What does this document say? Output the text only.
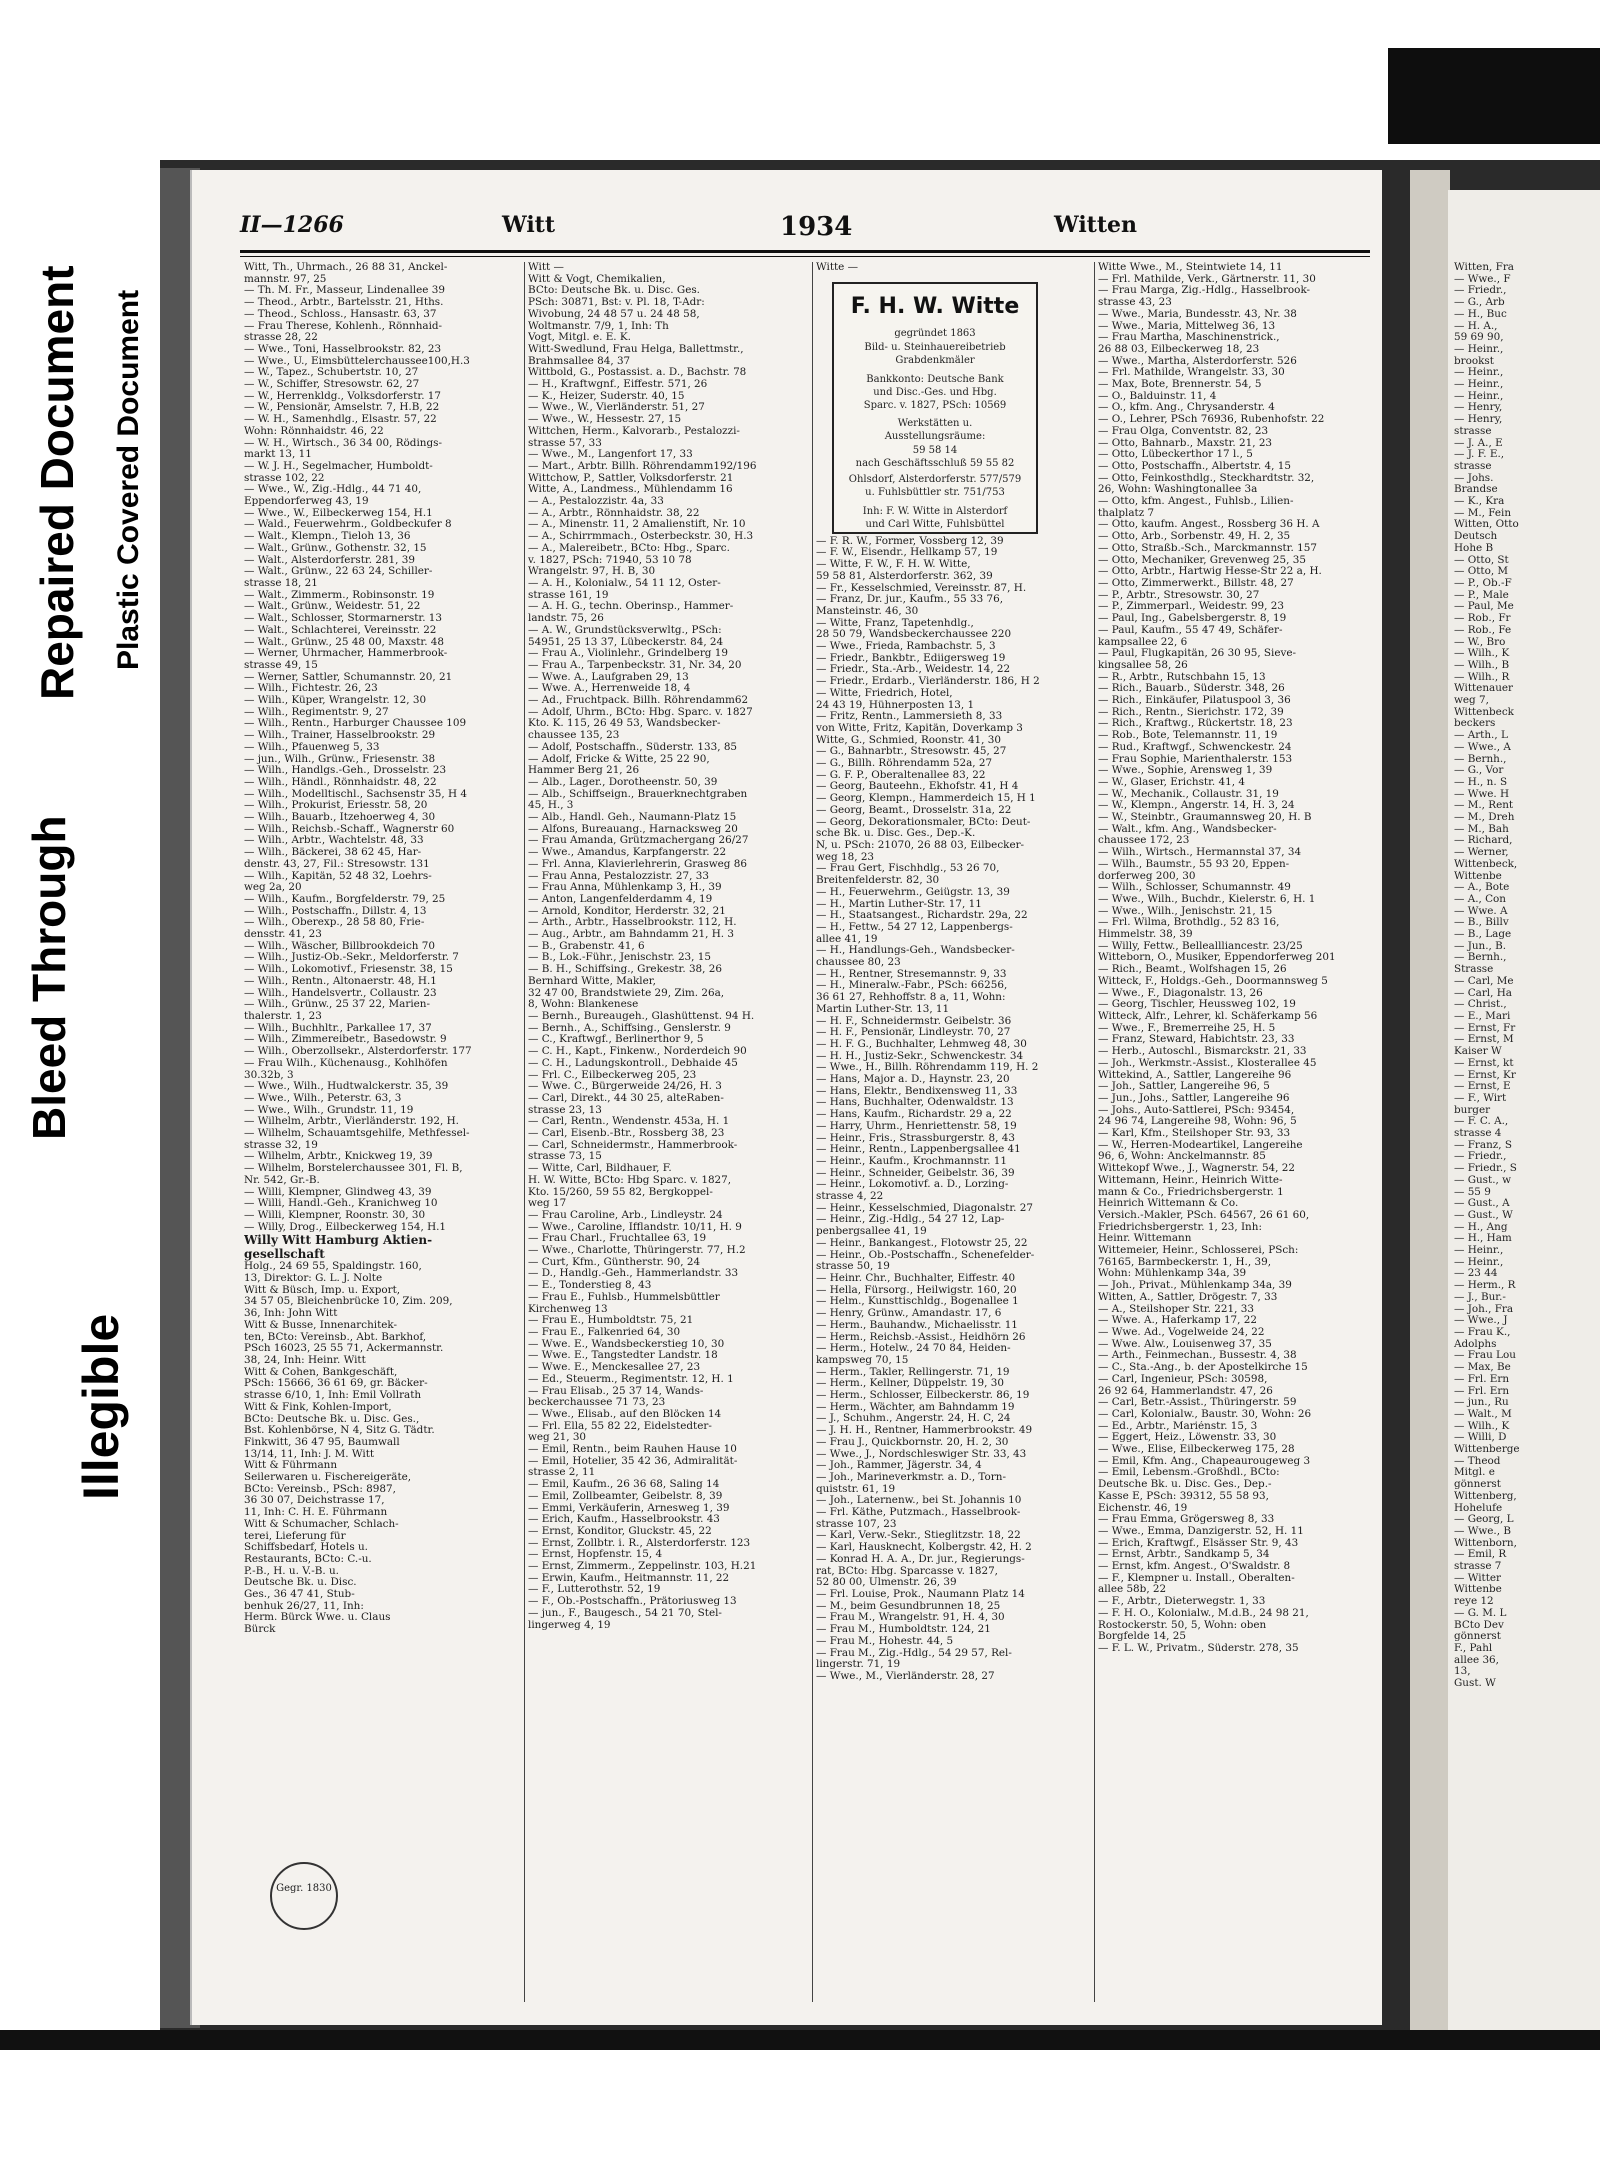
Repaired Document Plastic Covered Document
Bleed Through
Illegible

Witten, Fra

— Wwe., F

— Friedr.,

— G., Arb

— H., Buc

— H. A.,

59 69 90,

— Heinr.,

brookst

— Heinr.,

— Heinr.,

— Heinr.,

— Henry,

— Henry,

strasse

— J. A., E

— J. F. E.,

strasse

— Johs.

Brandse

— K., Kra

— M., Fein

Witten, Otto

Deutsch

Hohe B

— Otto, St

— Otto, M

— P., Ob.-F

— P., Male

— Paul, Me

— Rob., Fr

— Rob., Fe

— W., Bro

— Wilh., K

— Wilh., B

— Wilh., R

Wittenauer

weg 7,

Wittenbeck

beckers

— Arth., L

— Wwe., A

— Bernh.,

— G., Vor

— H., n. S

— Wwe. H

— M., Rent

— M., Dreh

— M., Bah

— Richard,

— Werner,

Wittenbeck,

Wittenbe

— A., Bote

— A., Con

— Wwe. A

— B., Billv

— B., Lage

— Jun., B.

— Bernh.,

Strasse

— Carl, Me

— Carl, Ha

— Christ.,

— E., Mari

— Ernst, Fr

— Ernst, M

Kaiser W

— Ernst, kt

— Ernst, Kr

— Ernst, E

— F., Wirt

burger

— F. C. A.,

strasse 4

— Franz, S

— Friedr.,

— Friedr., S

— Gust., w

— 55 9

— Gust., A

— Gust., W

— H., Ang

— H., Ham

— Heinr.,

— Heinr.,

— 23 44

— Herm., R

— J., Bur.-

— Joh., Fra

— Wwe., J

— Frau K.,

Adolphs

— Frau Lou

— Max, Be

— Frl. Ern

— Frl. Ern

— jun., Ru

— Walt., M

— Wilh., K

— Willi, D

Wittenberge

— Theod

Mitgl. e

gönnerst

Wittenberg,

Hohelufe

— Georg, L

— Wwe., B

Wittenborn,

— Emil, R

strasse 7

— Witter

Wittenbe

reye 12

— G. M. L

BCto Dev

gönnerst

F., Pahl

allee 36,

13,

Gust. W

II—1266	Witt	1934	Witten

Witt, Th., Uhrmach., 26 88 31, Anckel-

mannstr. 97, 25

— Th. M. Fr., Masseur, Lindenallee 39

— Theod., Arbtr., Bartelsstr. 21, Hths.

— Theod., Schloss., Hansastr. 63, 37

— Frau Therese, Kohlenh., Rönnhaid-

strasse 28, 22

— Wwe., Toni, Hasselbrookstr. 82, 23

— Wwe., U., Eimsbüttelerchaussee100,H.3

— W., Tapez., Schubertstr. 10, 27

— W., Schiffer, Stresowstr. 62, 27

— W., Herrenkldg., Volksdorferstr. 17

— W., Pensionär, Amselstr. 7, H.B, 22

— W. H., Samenhdlg., Elsastr. 57, 22

Wohn: Rönnhaidstr. 46, 22

— W. H., Wirtsch., 36 34 00, Rödings-

markt 13, 11

— W. J. H., Segelmacher, Humboldt-

strasse 102, 22

— Wwe., W., Zig.-Hdlg., 44 71 40,

Eppendorferweg 43, 19

— Wwe., W., Eilbeckerweg 154, H.1

— Wald., Feuerwehrm., Goldbeckufer 8

— Walt., Klempn., Tieloh 13, 36

— Walt., Grünw., Gothenstr. 32, 15

— Walt., Alsterdorferstr. 281, 39

— Walt., Grünw., 22 63 24, Schiller-

strasse 18, 21

— Walt., Zimmerm., Robinsonstr. 19

— Walt., Grünw., Weidestr. 51, 22

— Walt., Schlosser, Stormarnerstr. 13

— Walt., Schlachterei, Vereinsstr. 22

— Walt., Grünw., 25 48 00, Maxstr. 48

— Werner, Uhrmacher, Hammerbrook-

strasse 49, 15

— Werner, Sattler, Schumannstr. 20, 21

— Wilh., Fichtestr. 26, 23

— Wilh., Küper, Wrangelstr. 12, 30

— Wilh., Regimentstr. 9, 27

— Wilh., Rentn., Harburger Chaussee 109

— Wilh., Trainer, Hasselbrookstr. 29

— Wilh., Pfauenweg 5, 33

— jun., Wilh., Grünw., Friesenstr. 38

— Wilh., Handlgs.-Geh., Drosselstr. 23

— Wilh., Händl., Rönnhaidstr. 48, 22

— Wilh., Modelltischl., Sachsenstr 35, H 4

— Wilh., Prokurist, Eriesstr. 58, 20

— Wilh., Bauarb., Itzehoerweg 4, 30

— Wilh., Reichsb.-Schaff., Wagnerstr 60

— Wilh., Arbtr., Wachtelstr. 48, 33

— Wilh., Bäckerei, 38 62 45, Har-

denstr. 43, 27, Fil.: Stresowstr. 131

— Wilh., Kapitän, 52 48 32, Loehrs-

weg 2a, 20

— Wilh., Kaufm., Borgfelderstr. 79, 25

— Wilh., Postschaffn., Dillstr. 4, 13

— Wilh., Oberexp., 28 58 80, Frie-

densstr. 41, 23

— Wilh., Wäscher, Billbrookdeich 70

— Wilh., Justiz-Ob.-Sekr., Meldorferstr. 7

— Wilh., Lokomotivf., Friesenstr. 38, 15

— Wilh., Rentn., Altonaerstr. 48, H.1

— Wilh., Handelsvertr., Collaustr. 23

— Wilh., Grünw., 25 37 22, Marien-

thalerstr. 1, 23

— Wilh., Buchhltr., Parkallee 17, 37

— Wilh., Zimmereibetr., Basedowstr. 9

— Wilh., Oberzollsekr., Alsterdorferstr. 177

— Frau Wilh., Küchenausg., Kohlhöfen

30.32b, 3

— Wwe., Wilh., Hudtwalckerstr. 35, 39

— Wwe., Wilh., Peterstr. 63, 3

— Wwe., Wilh., Grundstr. 11, 19

— Wilhelm, Arbtr., Vierländerstr. 192, H.

— Wilhelm, Schauamtsgehilfe, Methfessel-

strasse 32, 19

— Wilhelm, Arbtr., Knickweg 19, 39

— Wilhelm, Borstelerchaussee 301, Fl. B,

Nr. 542, Gr.-B.

— Willi, Klempner, Glindweg 43, 39

— Willi, Handl.-Geh., Kranichweg 10

— Willi, Klempner, Roonstr. 30, 30

— Willy, Drog., Eilbeckerweg 154, H.1

Willy Witt Hamburg Aktien-

gesellschaft

Holg., 24 69 55, Spaldingstr. 160,

13, Direktor: G. L. J. Nolte

Witt & Büsch, Imp. u. Export,

34 57 05, Bleichenbrücke 10, Zim. 209,

36, Inh: John Witt

Witt & Busse, Innenarchitek-

ten, BCto: Vereinsb., Abt. Barkhof,

PSch 16023, 25 55 71, Ackermannstr.

38, 24, Inh: Heinr. Witt

Witt & Cohen, Bankgeschäft,

PSch: 15666, 36 61 69, gr. Bäcker-

strasse 6/10, 1, Inh: Emil Vollrath

Witt & Fink, Kohlen-Import,

BCto: Deutsche Bk. u. Disc. Ges.,

Bst. Kohlenbörse, N 4, Sitz G. Tädtr.

Finkwitt, 36 47 95, Baumwall

13/14, 11, Inh: J. M. Witt

Witt & Führmann

Seilerwaren u. Fischereigeräte,

BCto: Vereinsb., PSch: 8987,

36 30 07, Deichstrasse 17,

11, Inh: C. H. E. Führmann

Witt & Schumacher, Schlach-

terei, Lieferung für

Schiffsbedarf, Hotels u.

Restaurants, BCto: C.-u.

P.-B., H. u. V.-B. u.

Deutsche Bk. u. Disc.

Ges., 36 47 41, Stub-

benhuk 26/27, 11, Inh:

Herm. Bürck Wwe. u. Claus

Bürck

Witt —

Witt & Vogt, Chemikalien,

BCto: Deutsche Bk. u. Disc. Ges.

PSch: 30871, Bst: v. Pl. 18, T-Adr:

Wivobung, 24 48 57 u. 24 48 58,

Woltmanstr. 7/9, 1, Inh: Th

Vogt, Mitgl. e. E. K.

Witt-Swedlund, Frau Helga, Ballettmstr.,

Brahmsallee 84, 37

Wittbold, G., Postassist. a. D., Bachstr. 78

— H., Kraftwgnf., Eiffestr. 571, 26

— K., Heizer, Suderstr. 40, 15

— Wwe., W., Vierländerstr. 51, 27

— Wwe., W., Hessestr. 27, 15

Wittchen, Herm., Kalvorarb., Pestalozzi-

strasse 57, 33

— Wwe., M., Langenfort 17, 33

— Mart., Arbtr. Billh. Röhrendamm192/196

Wittchow, P., Sattler, Volksdorferstr. 21

Witte, A., Landmess., Mühlendamm 16

— A., Pestalozzistr. 4a, 33

— A., Arbtr., Rönnhaidstr. 38, 22

— A., Minenstr. 11, 2 Amalienstift, Nr. 10

— A., Schirrmmach., Osterbeckstr. 30, H.3

— A., Malereibetr., BCto: Hbg., Sparc.

v. 1827, PSch: 71940, 53 10 78

Wrangelstr. 97, H. B, 30

— A. H., Kolonialw., 54 11 12, Oster-

strasse 161, 19

— A. H. G., techn. Oberinsp., Hammer-

landstr. 75, 26

— A. W., Grundstücksverwltg., PSch:

54951, 25 13 37, Lübeckerstr. 84, 24

— Frau A., Violinlehr., Grindelberg 19

— Frau A., Tarpenbeckstr. 31, Nr. 34, 20

— Wwe. A., Laufgraben 29, 13

— Wwe. A., Herrenweide 18, 4

— Ad., Fruchtpack. Billh. Röhrendamm62

— Adolf, Uhrm., BCto: Hbg. Sparc. v. 1827

Kto. K. 115, 26 49 53, Wandsbecker-

chaussee 135, 23

— Adolf, Postschaffn., Süderstr. 133, 85

— Adolf, Fricke & Witte, 25 22 90,

Hammer Berg 21, 26

— Alb., Lager., Dorotheenstr. 50, 39

— Alb., Schiffseign., Brauerknechtgraben

45, H., 3

— Alb., Handl. Geh., Naumann-Platz 15

— Alfons, Bureauang., Harnacksweg 20

— Frau Amanda, Grützmachergang 26/27

— Wwe., Amandus, Karpfangerstr. 22

— Frl. Anna, Klavierlehrerin, Grasweg 86

— Frau Anna, Pestalozzistr. 27, 33

— Frau Anna, Mühlenkamp 3, H., 39

— Anton, Langenfelderdamm 4, 19

— Arnold, Konditor, Herderstr. 32, 21

— Arth., Arbtr., Hasselbrookstr. 112, H.

— Aug., Arbtr., am Bahndamm 21, H. 3

— B., Grabenstr. 41, 6

— B., Lok.-Führ., Jenischstr. 23, 15

— B. H., Schiffsing., Grekestr. 38, 26

Bernhard Witte, Makler,

32 47 00, Brandstwiete 29, Zim. 26a,

8, Wohn: Blankenese

— Bernh., Bureaugeh., Glashüttenst. 94 H.

— Bernh., A., Schiffsing., Genslerstr. 9

— C., Kraftwgf., Berlinerthor 9, 5

— C. H., Kapt., Finkenw., Norderdeich 90

— C. H., Ladungskontroll., Debhaide 45

— Frl. C., Eilbeckerweg 205, 23

— Wwe. C., Bürgerweide 24/26, H. 3

— Carl, Direkt., 44 30 25, alteRaben-

strasse 23, 13

— Carl, Rentn., Wendenstr. 453a, H. 1

— Carl, Eisenb.-Btr., Rossberg 38, 23

— Carl, Schneidermstr., Hammerbrook-

strasse 73, 15

— Witte, Carl, Bildhauer, F.

H. W. Witte, BCto: Hbg Sparc. v. 1827,

Kto. 15/260, 59 55 82, Bergkoppel-

weg 17

— Frau Caroline, Arb., Lindleystr. 24

— Wwe., Caroline, Ifflandstr. 10/11, H. 9

— Frau Charl., Fruchtallee 63, 19

— Wwe., Charlotte, Thüringerstr. 77, H.2

— Curt, Kfm., Güntherstr. 90, 24

— D., Handlg.-Geh., Hammerlandstr. 33

— E., Tonderstieg 8, 43

— Frau E., Fuhlsb., Hummelsbüttler

Kirchenweg 13

— Frau E., Humboldtstr. 75, 21

— Frau E., Falkenried 64, 30

— Wwe. E., Wandsbeckerstieg 10, 30

— Wwe. E., Tangstedter Landstr. 18

— Wwe. E., Menckesallee 27, 23

— Ed., Steuerm., Regimentstr. 12, H. 1

— Frau Elisab., 25 37 14, Wands-

beckerchaussee 71 73, 23

— Wwe., Elisab., auf den Blöcken 14

— Frl. Ella, 55 82 22, Eidelstedter-

weg 21, 30

— Emil, Rentn., beim Rauhen Hause 10

— Emil, Hotelier, 35 42 36, Admiralität-

strasse 2, 11

— Emil, Kaufm., 26 36 68, Saling 14

— Emil, Zollbeamter, Geibelstr. 8, 39

— Emmi, Verkäuferin, Arnesweg 1, 39

— Erich, Kaufm., Hasselbrookstr. 43

— Ernst, Konditor, Gluckstr. 45, 22

— Ernst, Zollbtr. i. R., Alsterdorferstr. 123

— Ernst, Hopfenstr. 15, 4

— Ernst, Zimmerm., Zeppelinstr. 103, H.21

— Erwin, Kaufm., Heitmannstr. 11, 22

— F., Lutterothstr. 52, 19

— F., Ob.-Postschaffn., Prätoriusweg 13

— jun., F., Baugesch., 54 21 70, Stel-

lingerweg 4, 19

Witte —

— F. R. W., Former, Vossberg 12, 39

— F. W., Eisendr., Hellkamp 57, 19

— Witte, F. W., F. H. W. Witte,

59 58 81, Alsterdorferstr. 362, 39

— Fr., Kesselschmied, Vereinsstr. 87, H.

— Franz, Dr. jur., Kaufm., 55 33 76,

Mansteinstr. 46, 30

— Witte, Franz, Tapetenhdlg.,

28 50 79, Wandsbeckerchaussee 220

— Wwe., Frieda, Rambachstr. 5, 3

— Friedr., Bankbtr., Ediigersweg 19

— Friedr., Sta.-Arb., Weidestr. 14, 22

— Friedr., Erdarb., Vierländerstr. 186, H 2

— Witte, Friedrich, Hotel,

24 43 19, Hühnerposten 13, 1

— Fritz, Rentn., Lammersieth 8, 33

von Witte, Fritz, Kapitän, Doverkamp 3

Witte, G., Schmied, Roonstr. 41, 30

— G., Bahnarbtr., Stresowstr. 45, 27

— G., Billh. Röhrendamm 52a, 27

— G. F. P., Oberaltenallee 83, 22

— Georg, Bauteehn., Ekhofstr. 41, H 4

— Georg, Klempn., Hammerdeich 15, H 1

— Georg, Beamt., Drosselstr. 31a, 22

— Georg, Dekorationsmaler, BCto: Deut-

sche Bk. u. Disc. Ges., Dep.-K.

N, u. PSch: 21070, 26 88 03, Eilbecker-

weg 18, 23

— Frau Gert, Fischhdlg., 53 26 70,

Breitenfelderstr. 82, 30

— H., Feuerwehrm., Geiügstr. 13, 39

— H., Martin Luther-Str. 17, 11

— H., Staatsangest., Richardstr. 29a, 22

— H., Fettw., 54 27 12, Lappenbergs-

allee 41, 19

— H., Handlungs-Geh., Wandsbecker-

chaussee 80, 23

— H., Rentner, Stresemannstr. 9, 33

— H., Mineralw.-Fabr., PSch: 66256,

36 61 27, Rehhoffstr. 8 a, 11, Wohn:

Martin Luther-Str. 13, 11

— H. F., Schneidermstr. Geibelstr. 36

— H. F., Pensionär, Lindleystr. 70, 27

— H. F. G., Buchhalter, Lehmweg 48, 30

— H. H., Justiz-Sekr., Schwenckestr. 34

— Wwe., H., Billh. Röhrendamm 119, H. 2

— Hans, Major a. D., Haynstr. 23, 20

— Hans, Elektr., Bendixensweg 11, 33

— Hans, Buchhalter, Odenwaldstr. 13

— Hans, Kaufm., Richardstr. 29 a, 22

— Harry, Uhrm., Henriettenstr. 58, 19

— Heinr., Fris., Strassburgerstr. 8, 43

— Heinr., Rentn., Lappenbergsallee 41

— Heinr., Kaufm., Krochmannstr. 11

— Heinr., Schneider, Geibelstr. 36, 39

— Heinr., Lokomotivf. a. D., Lorzing-

strasse 4, 22

— Heinr., Kesselschmied, Diagonalstr. 27

— Heinr., Zig.-Hdlg., 54 27 12, Lap-

penbergsallee 41, 19

— Heinr., Bankangest., Flotowstr 25, 22

— Heinr., Ob.-Postschaffn., Schenefelder-

strasse 50, 19

— Heinr. Chr., Buchhalter, Eiffestr. 40

— Hella, Fürsorg., Heilwigstr. 160, 20

— Helm., Kunsttischldg., Bogenallee 1

— Henry, Grünw., Amandastr. 17, 6

— Herm., Bauhandw., Michaelisstr. 11

— Herm., Reichsb.-Assist., Heidhörn 26

— Herm., Hotelw., 24 70 84, Heiden-

kampsweg 70, 15

— Herm., Takler, Rellingerstr. 71, 19

— Herm., Kellner, Düppelstr. 19, 30

— Herm., Schlosser, Eilbeckerstr. 86, 19

— Herm., Wächter, am Bahndamm 19

— J., Schuhm., Angerstr. 24, H. C, 24

— J. H. H., Rentner, Hammerbrookstr. 49

— Frau J., Quickbornstr. 20, H. 2, 30

— Wwe., J., Nordschleswiger Str. 33, 43

— Joh., Rammer, Jägerstr. 34, 4

— Joh., Marineverkmstr. a. D., Torn-

quiststr. 61, 19

— Joh., Laternenw., bei St. Johannis 10

— Frl. Käthe, Putzmach., Hasselbrook-

strasse 107, 23

— Karl, Verw.-Sekr., Stieglitzstr. 18, 22

— Karl, Hausknecht, Kolbergstr. 42, H. 2

— Konrad H. A. A., Dr. jur., Regierungs-

rat, BCto: Hbg. Sparcasse v. 1827,

52 80 00, Ulmenstr. 26, 39

— Frl. Louise, Prok., Naumann Platz 14

— M., beim Gesundbrunnen 18, 25

— Frau M., Wrangelstr. 91, H. 4, 30

— Frau M., Humboldtstr. 124, 21

— Frau M., Hohestr. 44, 5

— Frau M., Zig.-Hdlg., 54 29 57, Rel-

lingerstr. 71, 19

— Wwe., M., Vierländerstr. 28, 27

Witte Wwe., M., Steintwiete 14, 11

— Frl. Mathilde, Verk., Gärtnerstr. 11, 30

— Frau Marga, Zig.-Hdlg., Hasselbrook-

strasse 43, 23

— Wwe., Maria, Bundesstr. 43, Nr. 38

— Wwe., Maria, Mittelweg 36, 13

— Frau Martha, Maschinenstrick.,

26 88 03, Eilbeckerweg 18, 23

— Wwe., Martha, Alsterdorferstr. 526

— Frl. Mathilde, Wrangelstr. 33, 30

— Max, Bote, Brennerstr. 54, 5

— O., Balduinstr. 11, 4

— O., kfm. Ang., Chrysanderstr. 4

— O., Lehrer, PSch 76936, Rubenhofstr. 22

— Frau Olga, Conventstr. 82, 23

— Otto, Bahnarb., Maxstr. 21, 23

— Otto, Lübeckerthor 17 l., 5

— Otto, Postschaffn., Albertstr. 4, 15

— Otto, Feinkosthdlg., Steckhardtstr. 32,

26, Wohn: Washingtonallee 3a

— Otto, kfm. Angest., Fuhlsb., Lilien-

thalplatz 7

— Otto, kaufm. Angest., Rossberg 36 H. A

— Otto, Arb., Sorbenstr. 49, H. 2, 35

— Otto, Straßb.-Sch., Marckmannstr. 157

— Otto, Mechaniker, Grevenweg 25, 35

— Otto, Arbtr., Hartwig Hesse-Str 22 a, H.

— Otto, Zimmerwerkt., Billstr. 48, 27

— P., Arbtr., Stresowstr. 30, 27

— P., Zimmerparl., Weidestr. 99, 23

— Paul, Ing., Gabelsbergerstr. 8, 19

— Paul, Kaufm., 55 47 49, Schäfer-

kampsallee 22, 6

— Paul, Flugkapitän, 26 30 95, Sieve-

kingsallee 58, 26

— R., Arbtr., Rutschbahn 15, 13

— Rich., Bauarb., Süderstr. 348, 26

— Rich., Einkäufer, Pilatuspool 3, 36

— Rich., Rentn., Sierichstr. 172, 39

— Rich., Kraftwg., Rückertstr. 18, 23

— Rob., Bote, Telemannstr. 11, 19

— Rud., Kraftwgf., Schwenckestr. 24

— Frau Sophie, Marienthalerstr. 153

— Wwe., Sophie, Arensweg 1, 39

— W., Glaser, Erichstr. 41, 4

— W., Mechanik., Collaustr. 31, 19

— W., Klempn., Angerstr. 14, H. 3, 24

— W., Steinbtr., Graumannsweg 20, H. B

— Walt., kfm. Ang., Wandsbecker-

chaussee 172, 23

— Wilh., Wirtsch., Hermannstal 37, 34

— Wilh., Baumstr., 55 93 20, Eppen-

dorferweg 200, 30

— Wilh., Schlosser, Schumannstr. 49

— Wwe., Wilh., Buchdr., Kielerstr. 6, H. 1

— Wwe., Wilh., Jenischstr. 21, 15

— Frl. Wilma, Brothdlg., 52 83 16,

Himmelstr. 38, 39

— Willy, Fettw., Belleallliancestr. 23/25

Witteborn, O., Musiker, Eppendorferweg 201

— Rich., Beamt., Wolfshagen 15, 26

Witteck, F., Holdgs.-Geh., Doormannsweg 5

— Wwe., F., Diagonalstr. 13, 26

— Georg, Tischler, Heussweg 102, 19

Witteck, Alfr., Lehrer, kl. Schäferkamp 56

— Wwe., F., Bremerreihe 25, H. 5

— Franz, Steward, Habichtstr. 23, 33

— Herb., Autoschl., Bismarckstr. 21, 33

— Joh., Werkmstr.-Assist., Klosterallee 45

Wittekind, A., Sattler, Langereihe 96

— Joh., Sattler, Langereihe 96, 5

— Jun., Johs., Sattler, Langereihe 96

— Johs., Auto-Sattlerei, PSch: 93454,

24 96 74, Langereihe 98, Wohn: 96, 5

— Karl, Kfm., Steilshoper Str. 93, 33

— W., Herren-Modeartikel, Langereihe

96, 6, Wohn: Anckelmannstr. 85

Wittekopf Wwe., J., Wagnerstr. 54, 22

Wittemann, Heinr., Heinrich Witte-

mann & Co., Friedrichsbergerstr. 1

Heinrich Wittemann & Co.

Versich.-Makler, PSch. 64567, 26 61 60,

Friedrichsbergerstr. 1, 23, Inh:

Heinr. Wittemann

Wittemeier, Heinr., Schlosserei, PSch:

76165, Barmbeckerstr. 1, H., 39,

Wohn: Mühlenkamp 34a, 39

— Joh., Privat., Mühlenkamp 34a, 39

Witten, A., Sattler, Drögestr. 7, 33

— A., Steilshoper Str. 221, 33

— Wwe. A., Haferkamp 17, 22

— Wwe. Ad., Vogelweide 24, 22

— Wwe. Alw., Louisenweg 37, 35

— Arth., Feinmechan., Bussestr. 4, 38

— C., Sta.-Ang., b. der Apostelkirche 15

— Carl, Ingenieur, PSch: 30598,

26 92 64, Hammerlandstr. 47, 26

— Carl, Betr.-Assist., Thüringerstr. 59

— Carl, Kolonialw., Baustr. 30, Wohn: 26

— Ed., Arbtr., Mariénstr. 15, 3

— Eggert, Heiz., Löwenstr. 33, 30

— Wwe., Elise, Eilbeckerweg 175, 28

— Emil, Kfm. Ang., Chapeaurougeweg 3

— Emil, Lebensm.-Großhdl., BCto:

Deutsche Bk. u. Disc. Ges., Dep.-

Kasse E, PSch: 39312, 55 58 93,

Eichenstr. 46, 19

— Frau Emma, Grögersweg 8, 33

— Wwe., Emma, Danzigerstr. 52, H. 11

— Erich, Kraftwgf., Elsässer Str. 9, 43

— Ernst, Arbtr., Sandkamp 5, 34

— Ernst, kfm. Angest., O'Swaldstr. 8

— F., Klempner u. Install., Oberalten-

allee 58b, 22

— F., Arbtr., Dieterwegstr. 1, 33

— F. H. O., Kolonialw., M.d.B., 24 98 21,

Rostockerstr. 50, 5, Wohn: oben

Borgfelde 14, 25

— F. L. W., Privatm., Süderstr. 278, 35

F. H. W. Witte
gegründet 1863
Bild- u. Steinhauereibetrieb
Grabdenkmäler
Bankkonto: Deutsche Bank
und Disc.-Ges. und Hbg.
Sparc. v. 1827, PSch: 10569
Werkstätten u.
Ausstellungsräume:
59 58 14
nach Geschäftsschluß 59 55 82
Ohlsdorf, Alsterdorferstr. 577/579
u. Fuhlsbüttler str. 751/753
Inh: F. W. Witte in Alsterdorf
und Carl Witte, Fuhlsbüttel
Gegr. 1830
